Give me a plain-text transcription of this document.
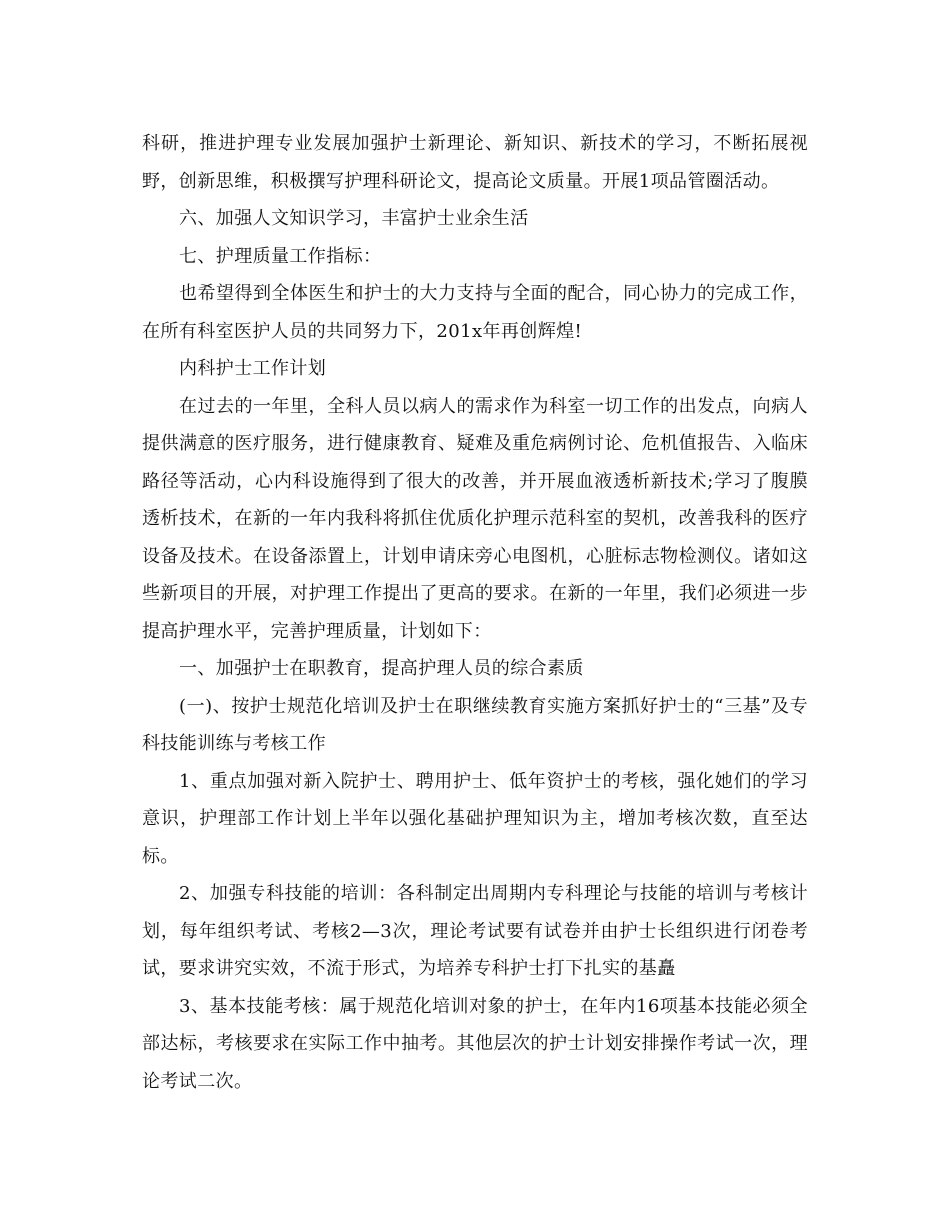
科研，推进护理专业发展加强护士新理论、新知识、新技术的学习，不断拓展视野，创新思维，积极撰写护理科研论文，提高论文质量。开展1项品管圈活动。

六、加强人文知识学习，丰富护士业余生活

七、护理质量工作指标：

也希望得到全体医生和护士的大力支持与全面的配合，同心协力的完成工作，在所有科室医护人员的共同努力下，201x年再创辉煌!

内科护士工作计划

在过去的一年里，全科人员以病人的需求作为科室一切工作的出发点，向病人提供满意的医疗服务，进行健康教育、疑难及重危病例讨论、危机值报告、入临床路径等活动，心内科设施得到了很大的改善，并开展血液透析新技术;学习了腹膜透析技术，在新的一年内我科将抓住优质化护理示范科室的契机，改善我科的医疗设备及技术。在设备添置上，计划申请床旁心电图机，心脏标志物检测仪。诸如这些新项目的开展，对护理工作提出了更高的要求。在新的一年里，我们必须进一步提高护理水平，完善护理质量，计划如下：

一、加强护士在职教育，提高护理人员的综合素质

(一)、按护士规范化培训及护士在职继续教育实施方案抓好护士的“三基”及专科技能训练与考核工作

1、重点加强对新入院护士、聘用护士、低年资护士的考核，强化她们的学习意识，护理部工作计划上半年以强化基础护理知识为主，增加考核次数，直至达标。

2、加强专科技能的培训：各科制定出周期内专科理论与技能的培训与考核计划，每年组织考试、考核2—3次，理论考试要有试卷并由护士长组织进行闭卷考试，要求讲究实效，不流于形式，为培养专科护士打下扎实的基矗

3、基本技能考核：属于规范化培训对象的护士，在年内16项基本技能必须全部达标，考核要求在实际工作中抽考。其他层次的护士计划安排操作考试一次，理论考试二次。
